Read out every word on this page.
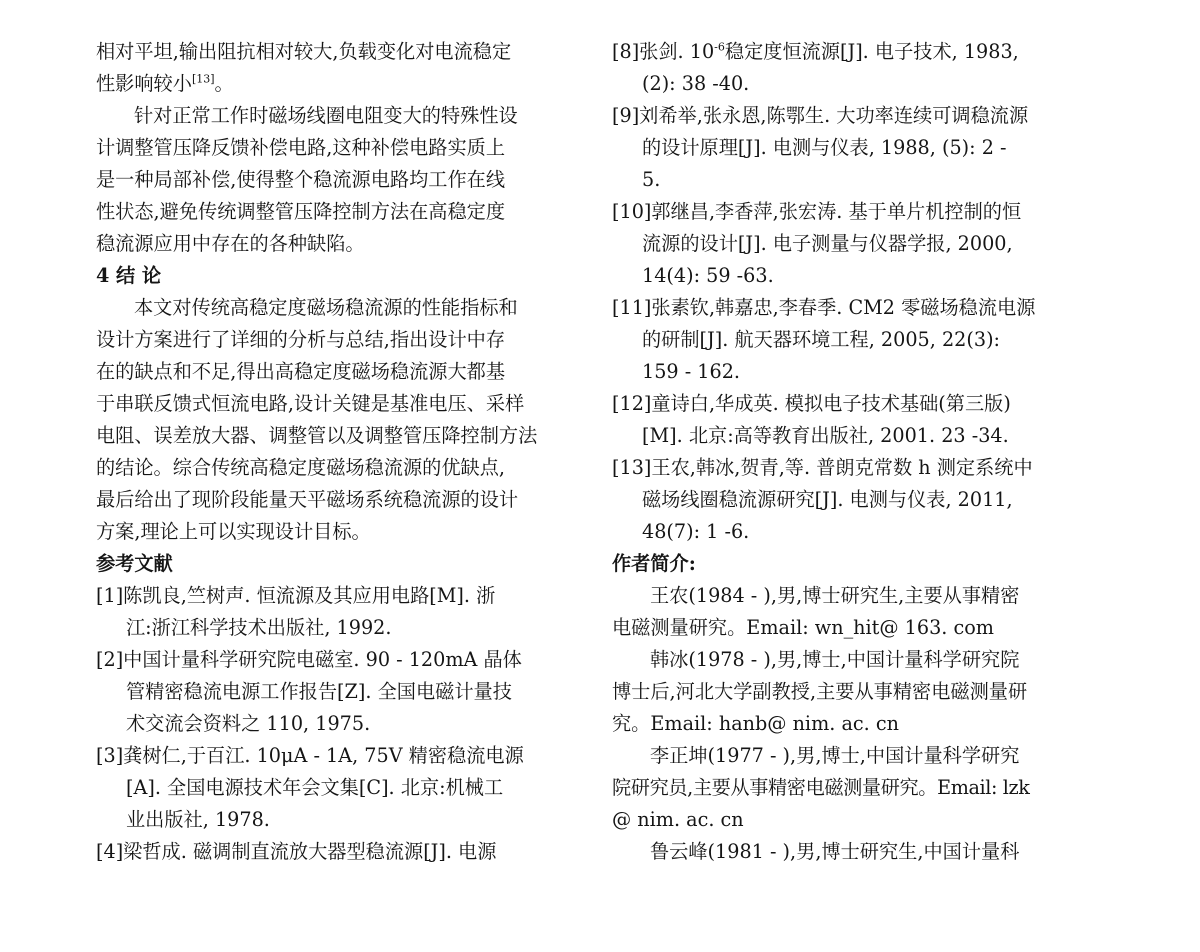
相对平坦,输出阻抗相对较大,负载变化对电流稳定
性影响较小[13]。
针对正常工作时磁场线圈电阻变大的特殊性设
计调整管压降反馈补偿电路,这种补偿电路实质上
是一种局部补偿,使得整个稳流源电路均工作在线
性状态,避免传统调整管压降控制方法在高稳定度
稳流源应用中存在的各种缺陷。
4 结 论
本文对传统高稳定度磁场稳流源的性能指标和
设计方案进行了详细的分析与总结,指出设计中存
在的缺点和不足,得出高稳定度磁场稳流源大都基
于串联反馈式恒流电路,设计关键是基准电压、采样
电阻、误差放大器、调整管以及调整管压降控制方法
的结论。综合传统高稳定度磁场稳流源的优缺点,
最后给出了现阶段能量天平磁场系统稳流源的设计
方案,理论上可以实现设计目标。
参考文献
[1]陈凯良,竺树声. 恒流源及其应用电路[M]. 浙
江:浙江科学技术出版社, 1992.
[2]中国计量科学研究院电磁室. 90 - 120mA 晶体
管精密稳流电源工作报告[Z]. 全国电磁计量技
术交流会资料之 110, 1975.
[3]龚树仁,于百江. 10μA - 1A, 75V 精密稳流电源
[A]. 全国电源技术年会文集[C]. 北京:机械工
业出版社, 1978.
[4]梁哲成. 磁调制直流放大器型稳流源[J]. 电源
[8]张剑. $10^{-6}$稳定度恒流源[J]. 电子技术, 1983,
(2): 38 -40.
[9]刘希举,张永恩,陈鄂生. 大功率连续可调稳流源
的设计原理[J]. 电测与仪表, 1988, (5): 2 -
5.
[10]郭继昌,李香萍,张宏涛. 基于单片机控制的恒
流源的设计[J]. 电子测量与仪器学报, 2000,
14(4): 59 -63.
[11]张素钦,韩嘉忠,李春季. CM2 零磁场稳流电源
的研制[J]. 航天器环境工程, 2005, 22(3):
159 - 162.
[12]童诗白,华成英. 模拟电子技术基础(第三版)
[M]. 北京:高等教育出版社, 2001. 23 -34.
[13]王农,韩冰,贺青,等. 普朗克常数 h 测定系统中
磁场线圈稳流源研究[J]. 电测与仪表, 2011,
48(7): 1 -6.
作者简介:
王农(1984 - ),男,博士研究生,主要从事精密
电磁测量研究。Email: wn_hit@ 163. com
韩冰(1978 - ),男,博士,中国计量科学研究院
博士后,河北大学副教授,主要从事精密电磁测量研
究。Email: hanb@ nim. ac. cn
李正坤(1977 - ),男,博士,中国计量科学研究
院研究员,主要从事精密电磁测量研究。Email: lzk
@ nim. ac. cn
鲁云峰(1981 - ),男,博士研究生,中国计量科
